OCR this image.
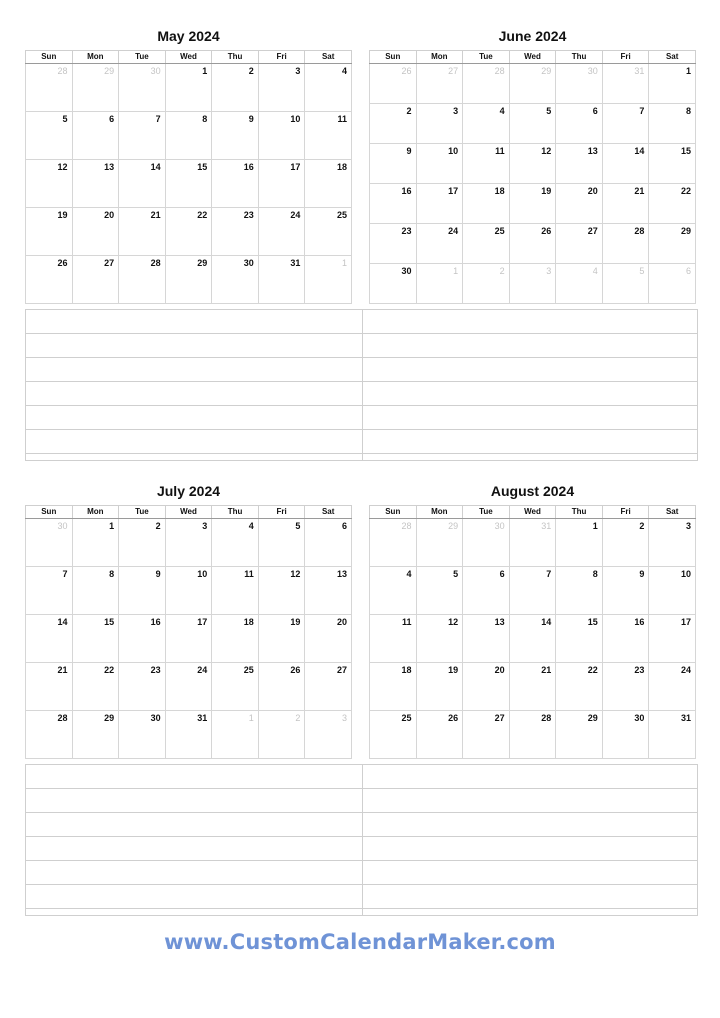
May 2024
Sun	Mon	Tue	Wed	Thu	Fri	Sat
28	29	30	1	2	3	4
5	6	7	8	9	10	11
12	13	14	15	16	17	18
19	20	21	22	23	24	25
26	27	28	29	30	31	1
June 2024
Sun	Mon	Tue	Wed	Thu	Fri	Sat
26	27	28	29	30	31	1
2	3	4	5	6	7	8
9	10	11	12	13	14	15
16	17	18	19	20	21	22
23	24	25	26	27	28	29
30	1	2	3	4	5	6
July 2024
Sun	Mon	Tue	Wed	Thu	Fri	Sat
30	1	2	3	4	5	6
7	8	9	10	11	12	13
14	15	16	17	18	19	20
21	22	23	24	25	26	27
28	29	30	31	1	2	3
August 2024
Sun	Mon	Tue	Wed	Thu	Fri	Sat
28	29	30	31	1	2	3
4	5	6	7	8	9	10
11	12	13	14	15	16	17
18	19	20	21	22	23	24
25	26	27	28	29	30	31
www.CustomCalendarMaker.com
